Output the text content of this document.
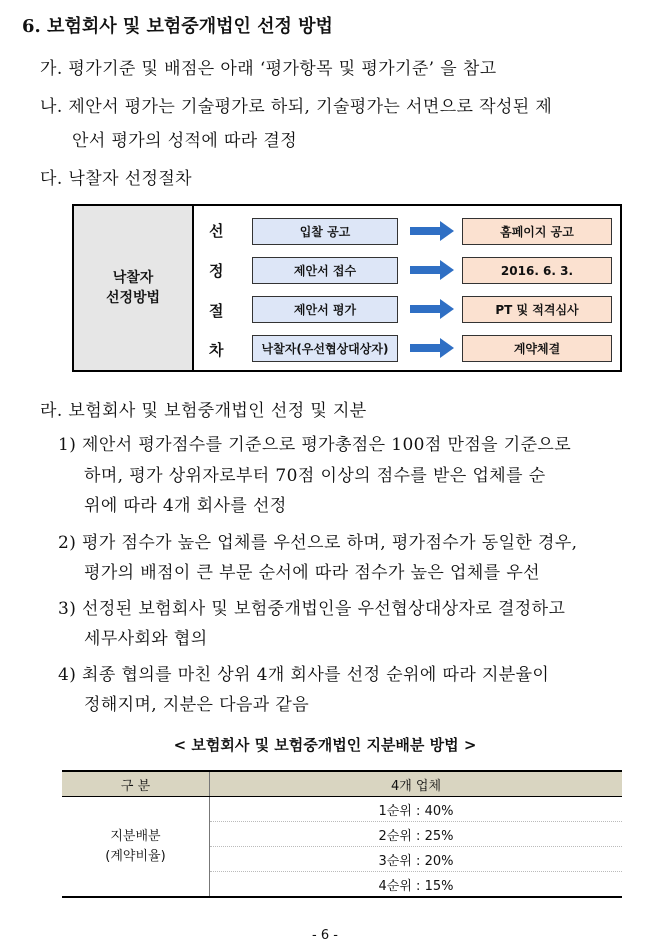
6. 보험회사 및 보험중개법인 선정 방법
가. 평가기준 및 배점은 아래 ‘평가항목 및 평가기준’ 을 참고
나. 제안서 평가는 기술평가로 하되, 기술평가는 서면으로 작성된 제
안서 평가의 성적에 따라 결정
다. 낙찰자 선정절차
낙찰자
선정방법
선
정
절
차
입찰 공고
제안서 접수
제안서 평가
낙찰자(우선협상대상자)
홈페이지 공고
2016. 6. 3.
PT 및 적격심사
계약체결
라. 보험회사 및 보험중개법인 선정 및 지분
1) 제안서 평가점수를 기준으로 평가총점은 100점 만점을 기준으로
하며, 평가 상위자로부터 70점 이상의 점수를 받은 업체를 순
위에 따라 4개 회사를 선정
2) 평가 점수가 높은 업체를 우선으로 하며, 평가점수가 동일한 경우,
평가의 배점이 큰 부문 순서에 따라 점수가 높은 업체를 우선
3) 선정된 보험회사 및 보험중개법인을 우선협상대상자로 결정하고
세무사회와 협의
4) 최종 협의를 마친 상위 4개 회사를 선정 순위에 따라 지분율이
정해지며, 지분은 다음과 같음
< 보험회사 및 보험중개법인 지분배분 방법 >
구 분	4개 업체

지분배분
(계약비율)	1순위 : 40%
	2순위 : 25%
	3순위 : 20%
	4순위 : 15%
- 6 -
